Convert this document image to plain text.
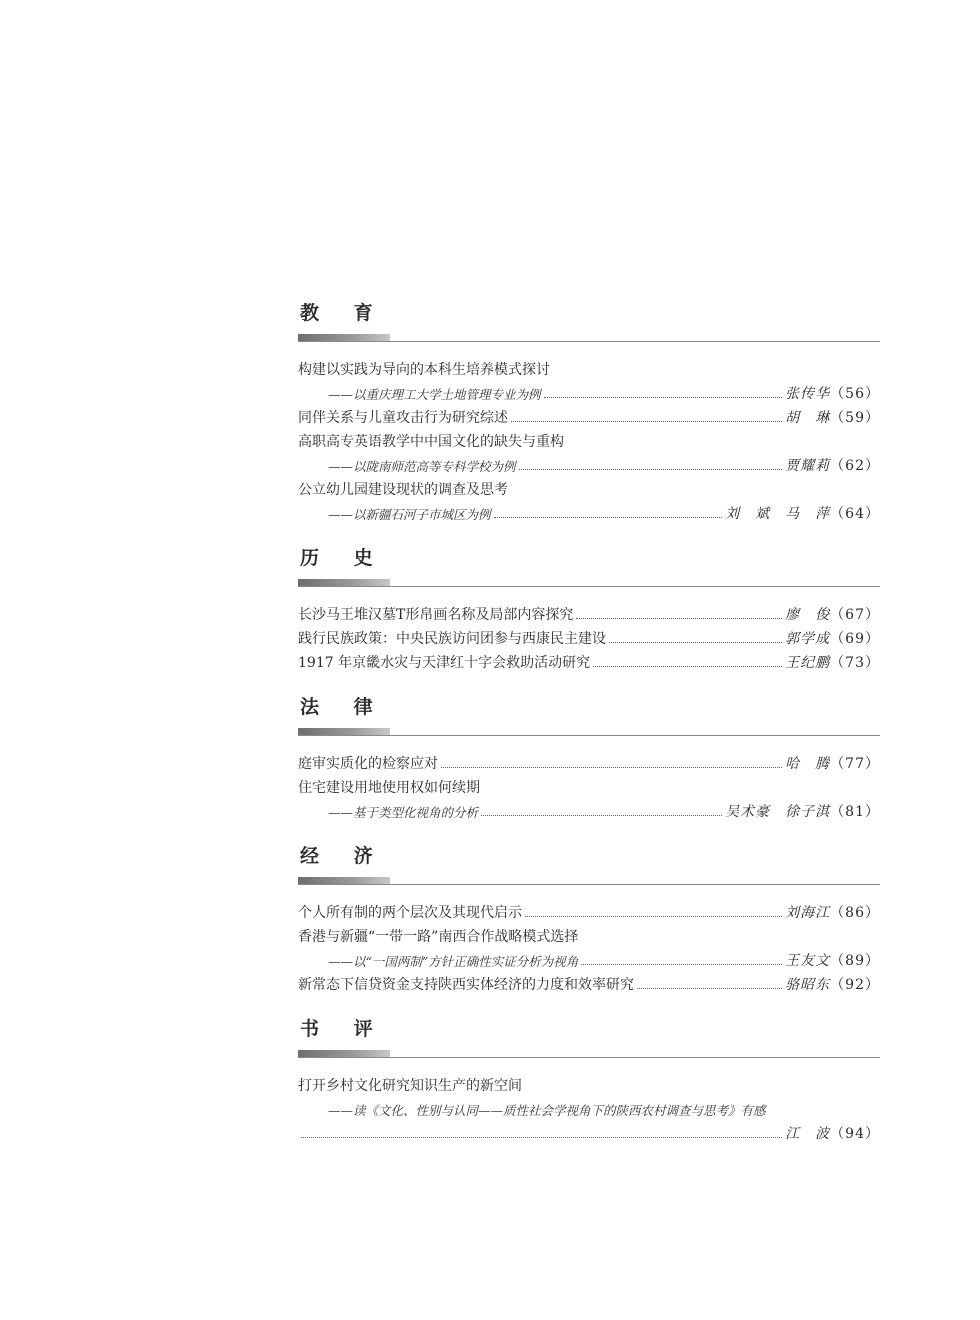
教 育
构建以实践为导向的本科生培养模式探讨
——以重庆理工大学土地管理专业为例	张传华 （56）
同伴关系与儿童攻击行为研究综述	胡　琳 （59）
高职高专英语教学中中国文化的缺失与重构
——以陇南师范高等专科学校为例	贾耀莉 （62）
公立幼儿园建设现状的调查及思考
——以新疆石河子市城区为例	刘　斌　马　萍 （64）
历 史
长沙马王堆汉墓T形帛画名称及局部内容探究	廖　俊 （67）
践行民族政策：中央民族访问团参与西康民主建设	郭学成 （69）
1917 年京畿水灾与天津红十字会救助活动研究	王纪鹏 （73）
法 律
庭审实质化的检察应对	哈　腾 （77）
住宅建设用地使用权如何续期
——基于类型化视角的分析	吴术豪　徐子淇 （81）
经 济
个人所有制的两个层次及其现代启示	刘海江 （86）
香港与新疆“一带一路”南西合作战略模式选择
——以“一国两制”方针正确性实证分析为视角	王友文 （89）
新常态下信贷资金支持陕西实体经济的力度和效率研究	骆昭东 （92）
书 评
打开乡村文化研究知识生产的新空间
——读《文化、性别与认同——质性社会学视角下的陕西农村调查与思考》有感
江　波 （94）
